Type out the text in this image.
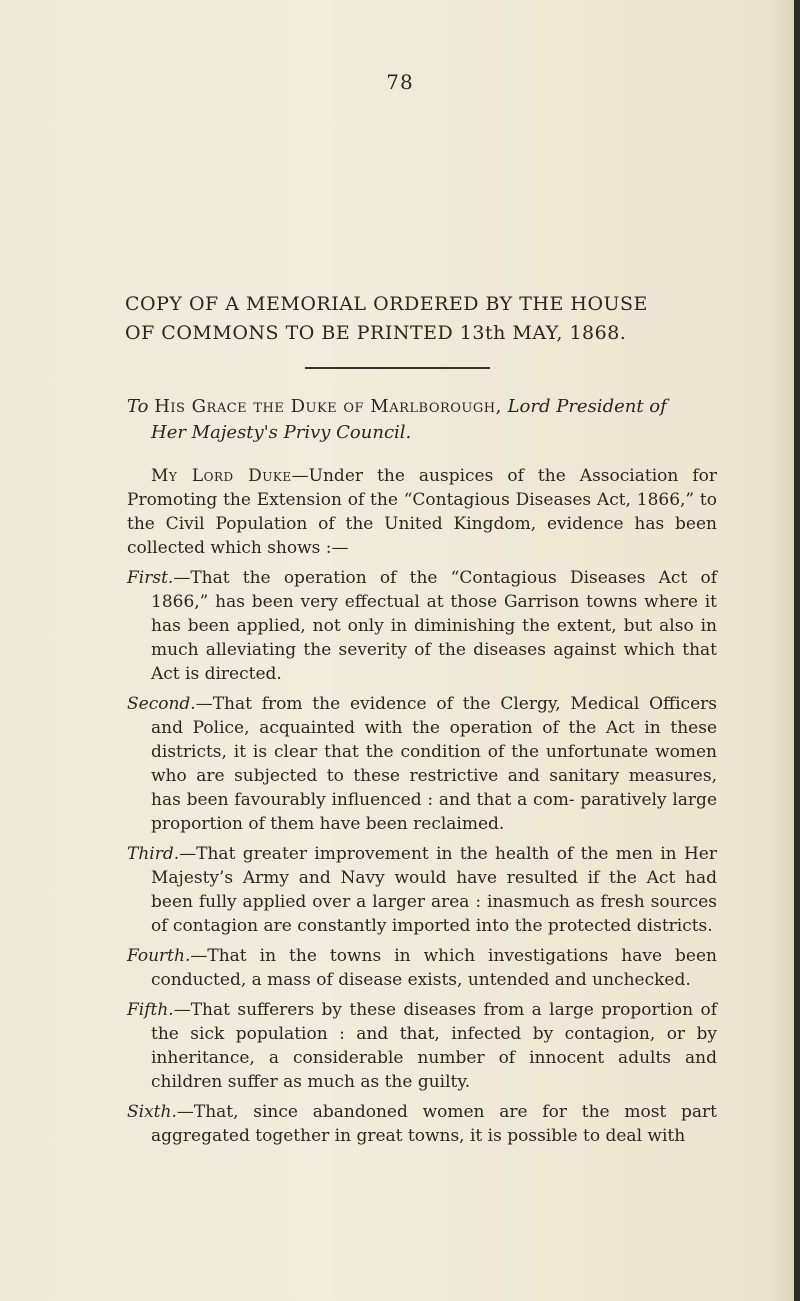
78
COPY OF A MEMORIAL ORDERED BY THE HOUSE
OF COMMONS TO BE PRINTED 13th MAY, 1868.
To His Grace the Duke of Marlborough, Lord President of
Her Majesty's Privy Council.

My Lord Duke—Under the auspices of the Association for Promoting the Extension of the “Contagious Diseases Act, 1866,” to the Civil Population of the United Kingdom, evidence has been collected which shows :—

First.—That the operation of the “Contagious Diseases Act of 1866,” has been very effectual at those Garrison towns where it has been applied, not only in diminishing the extent, but also in much alleviating the severity of the diseases against which that Act is directed.

Second.—That from the evidence of the Clergy, Medical Officers and Police, acquainted with the operation of the Act in these districts, it is clear that the condition of the unfortunate women who are subjected to these restrictive and sanitary measures, has been favourably influenced : and that a com- paratively large proportion of them have been reclaimed.

Third.—That greater improvement in the health of the men in Her Majesty’s Army and Navy would have resulted if the Act had been fully applied over a larger area : inasmuch as fresh sources of contagion are constantly imported into the protected districts.

Fourth.—That in the towns in which investigations have been conducted, a mass of disease exists, untended and unchecked.

Fifth.—That sufferers by these diseases from a large proportion of the sick population : and that, infected by contagion, or by inheritance, a considerable number of innocent adults and children suffer as much as the guilty.

Sixth.—That, since abandoned women are for the most part aggregated together in great towns, it is possible to deal with
